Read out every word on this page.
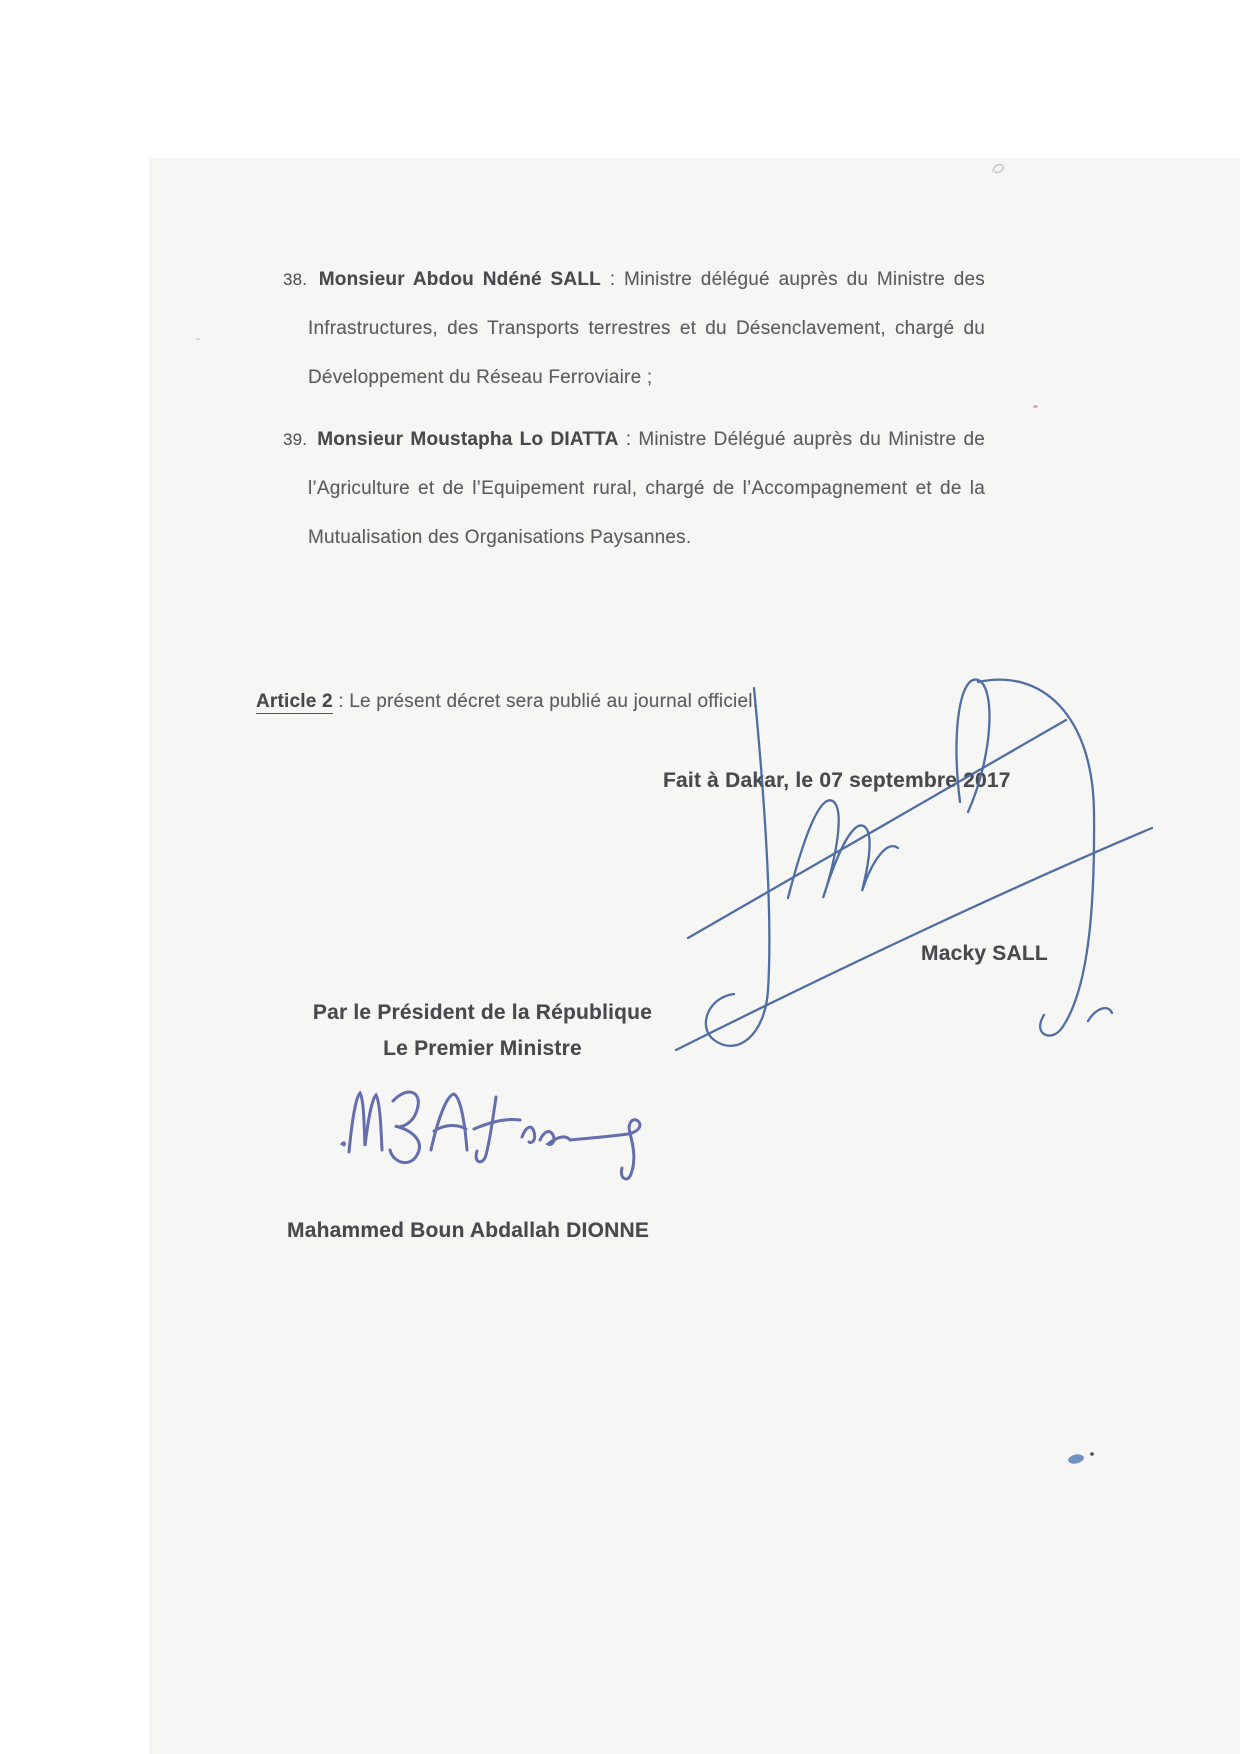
38. Monsieur Abdou Ndéné SALL : Ministre délégué auprès du Ministre des
Infrastructures, des Transports terrestres et du Désenclavement, chargé du
Développement du Réseau Ferroviaire ;
39. Monsieur Moustapha Lo DIATTA : Ministre Délégué auprès du Ministre de
l’Agriculture et de l’Equipement rural, chargé de l’Accompagnement et de la
Mutualisation des Organisations Paysannes.
Article 2 : Le présent décret sera publié au journal officiel.
Fait à Dakar, le 07 septembre 2017
Macky SALL
Par le Président de la République
Le Premier Ministre
Mahammed Boun Abdallah DIONNE
